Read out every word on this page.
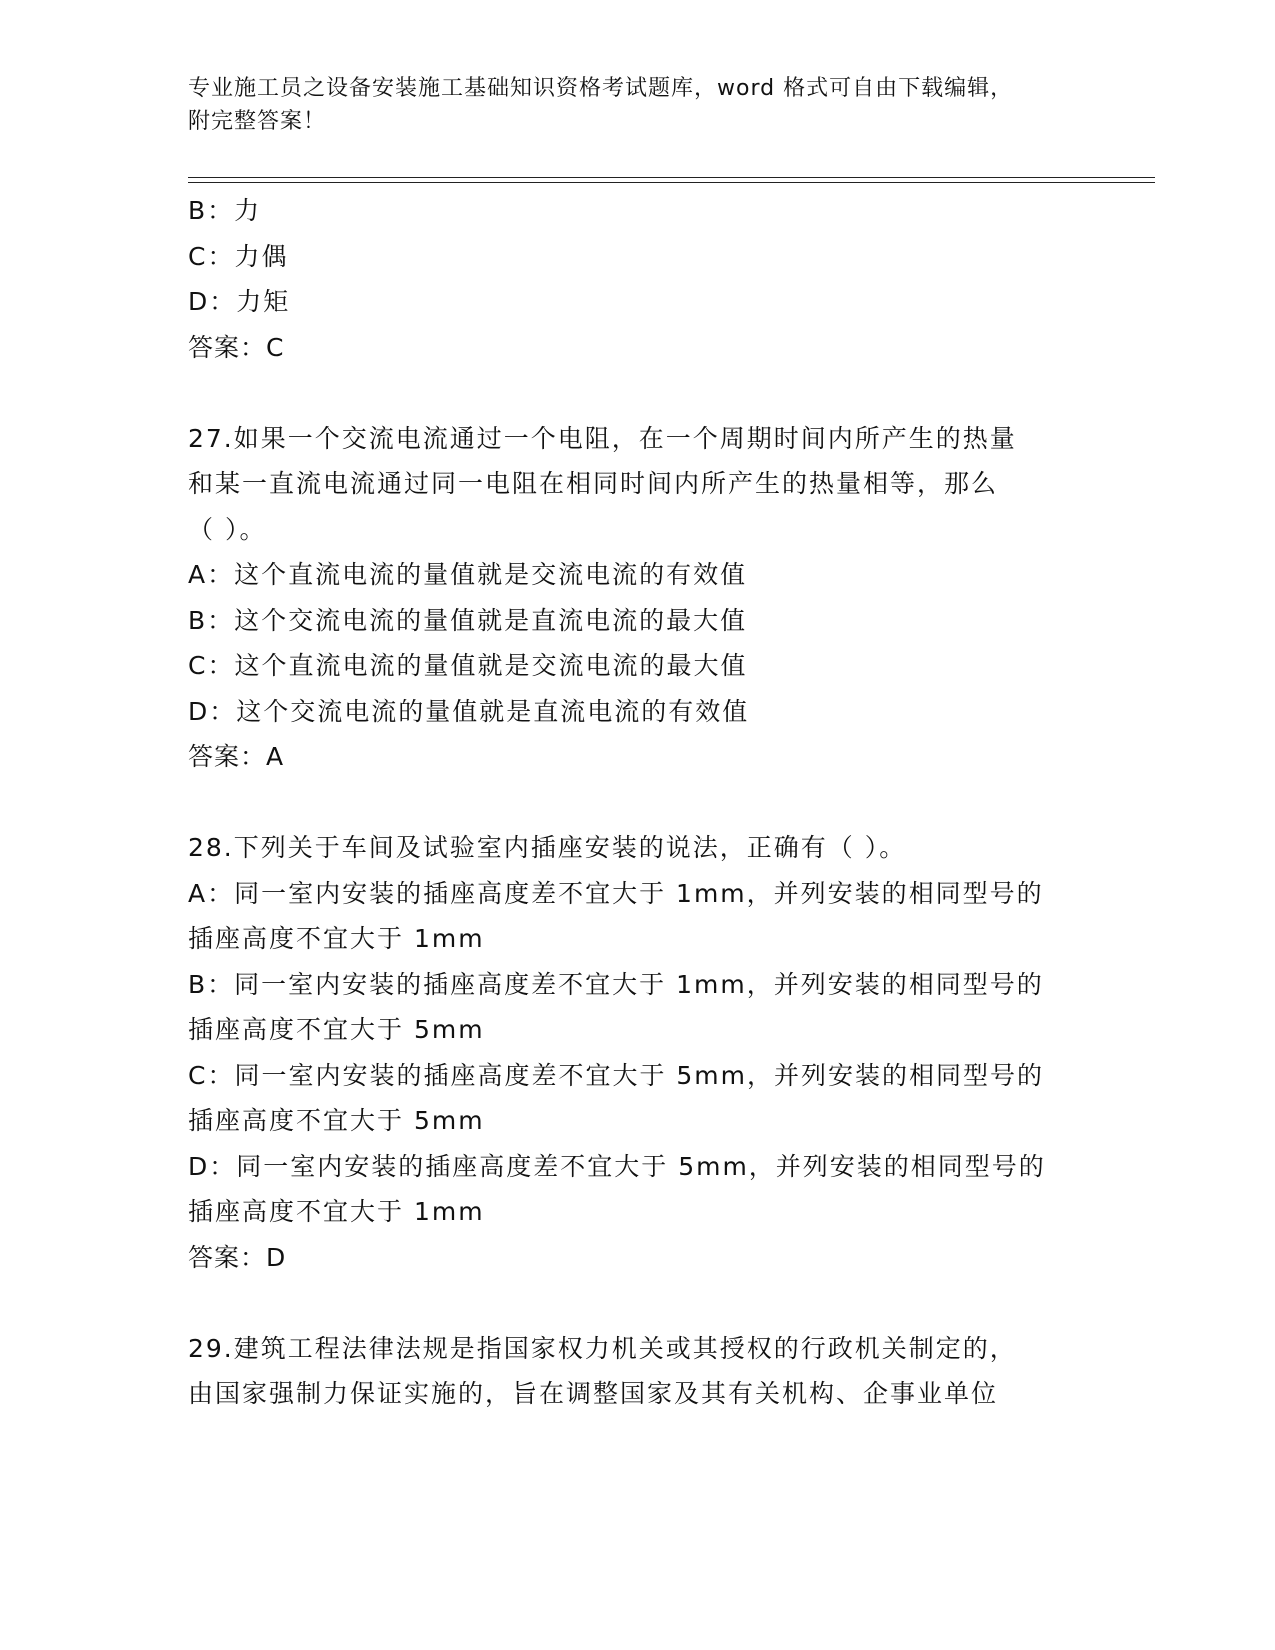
专业施工员之设备安装施工基础知识资格考试题库，word 格式可自由下载编辑，
附完整答案！
B：力
C：力偶
D：力矩
答案：C
27.如果一个交流电流通过一个电阻，在一个周期时间内所产生的热量
和某一直流电流通过同一电阻在相同时间内所产生的热量相等，那么
（ ）。
A：这个直流电流的量值就是交流电流的有效值
B：这个交流电流的量值就是直流电流的最大值
C：这个直流电流的量值就是交流电流的最大值
D：这个交流电流的量值就是直流电流的有效值
答案：A
28.下列关于车间及试验室内插座安装的说法，正确有（ ）。
A：同一室内安装的插座高度差不宜大于 1mm，并列安装的相同型号的
插座高度不宜大于 1mm
B：同一室内安装的插座高度差不宜大于 1mm，并列安装的相同型号的
插座高度不宜大于 5mm
C：同一室内安装的插座高度差不宜大于 5mm，并列安装的相同型号的
插座高度不宜大于 5mm
D：同一室内安装的插座高度差不宜大于 5mm，并列安装的相同型号的
插座高度不宜大于 1mm
答案：D
29.建筑工程法律法规是指国家权力机关或其授权的行政机关制定的，
由国家强制力保证实施的，旨在调整国家及其有关机构、企事业单位
